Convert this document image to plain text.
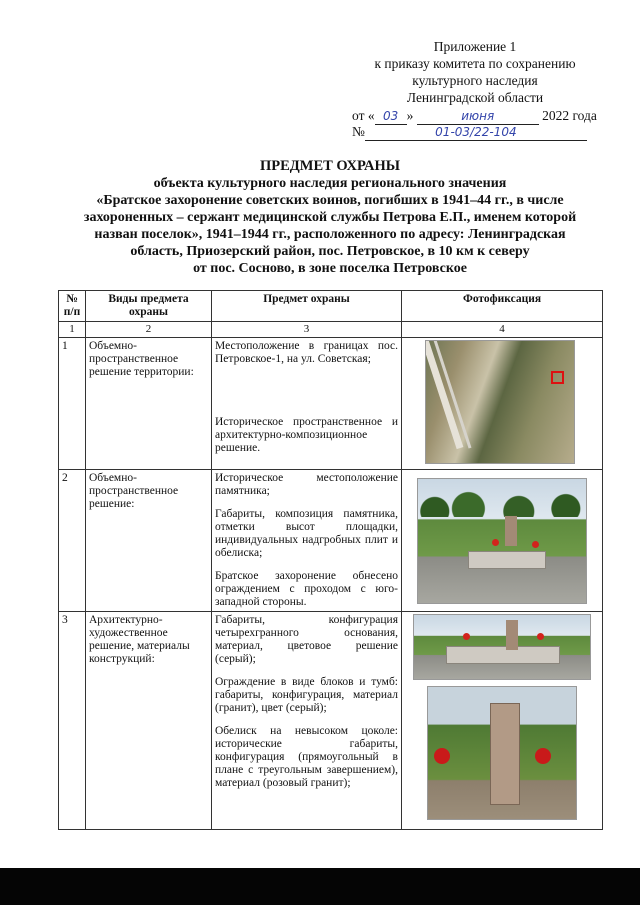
Приложение 1
к приказу комитета по сохранению
культурного наследия
Ленинградской области
от « 03 »	июня	2022 года
№	01-03/22-104
ПРЕДМЕТ ОХРАНЫ
объекта культурного наследия регионального значения
«Братское захоронение советских воинов, погибших в 1941–44 гг., в числе
захороненных – сержант медицинской службы Петрова Е.П., именем которой
назван поселок», 1941–1944 гг., расположенного по адресу: Ленинградская
область, Приозерский район, пос. Петровское, в 10 км к северу
от пос. Сосново, в зоне поселка Петровское
№ п/п	Виды предмета охраны	Предмет охраны	Фотофиксация
1	2	3	4
1	Объемно-пространственное решение территории:	Местоположение в границах пос. Петровское-1, на ул. Советская;
Историческое пространственное и архитектурно-композиционное решение.	

2	Объемно-пространственное решение:	Историческое местоположение памятника;
Габариты, композиция памятника, отметки высот площадки, индивидуальных надгробных плит и обелиска;
Братское захоронение обнесено ограждением с проходом с юго-западной стороны.	

3	Архитектурно-художественное решение, материалы конструкций:	Габариты, конфигурация четырехгранного основания, материал, цветовое решение (серый);
Ограждение в виде блоков и тумб: габариты, конфигурация, материал (гранит), цвет (серый);
Обелиск на невысоком цоколе: исторические габариты, конфигурация (прямоугольный в плане с треугольным завершением), материал (розовый гранит);	
